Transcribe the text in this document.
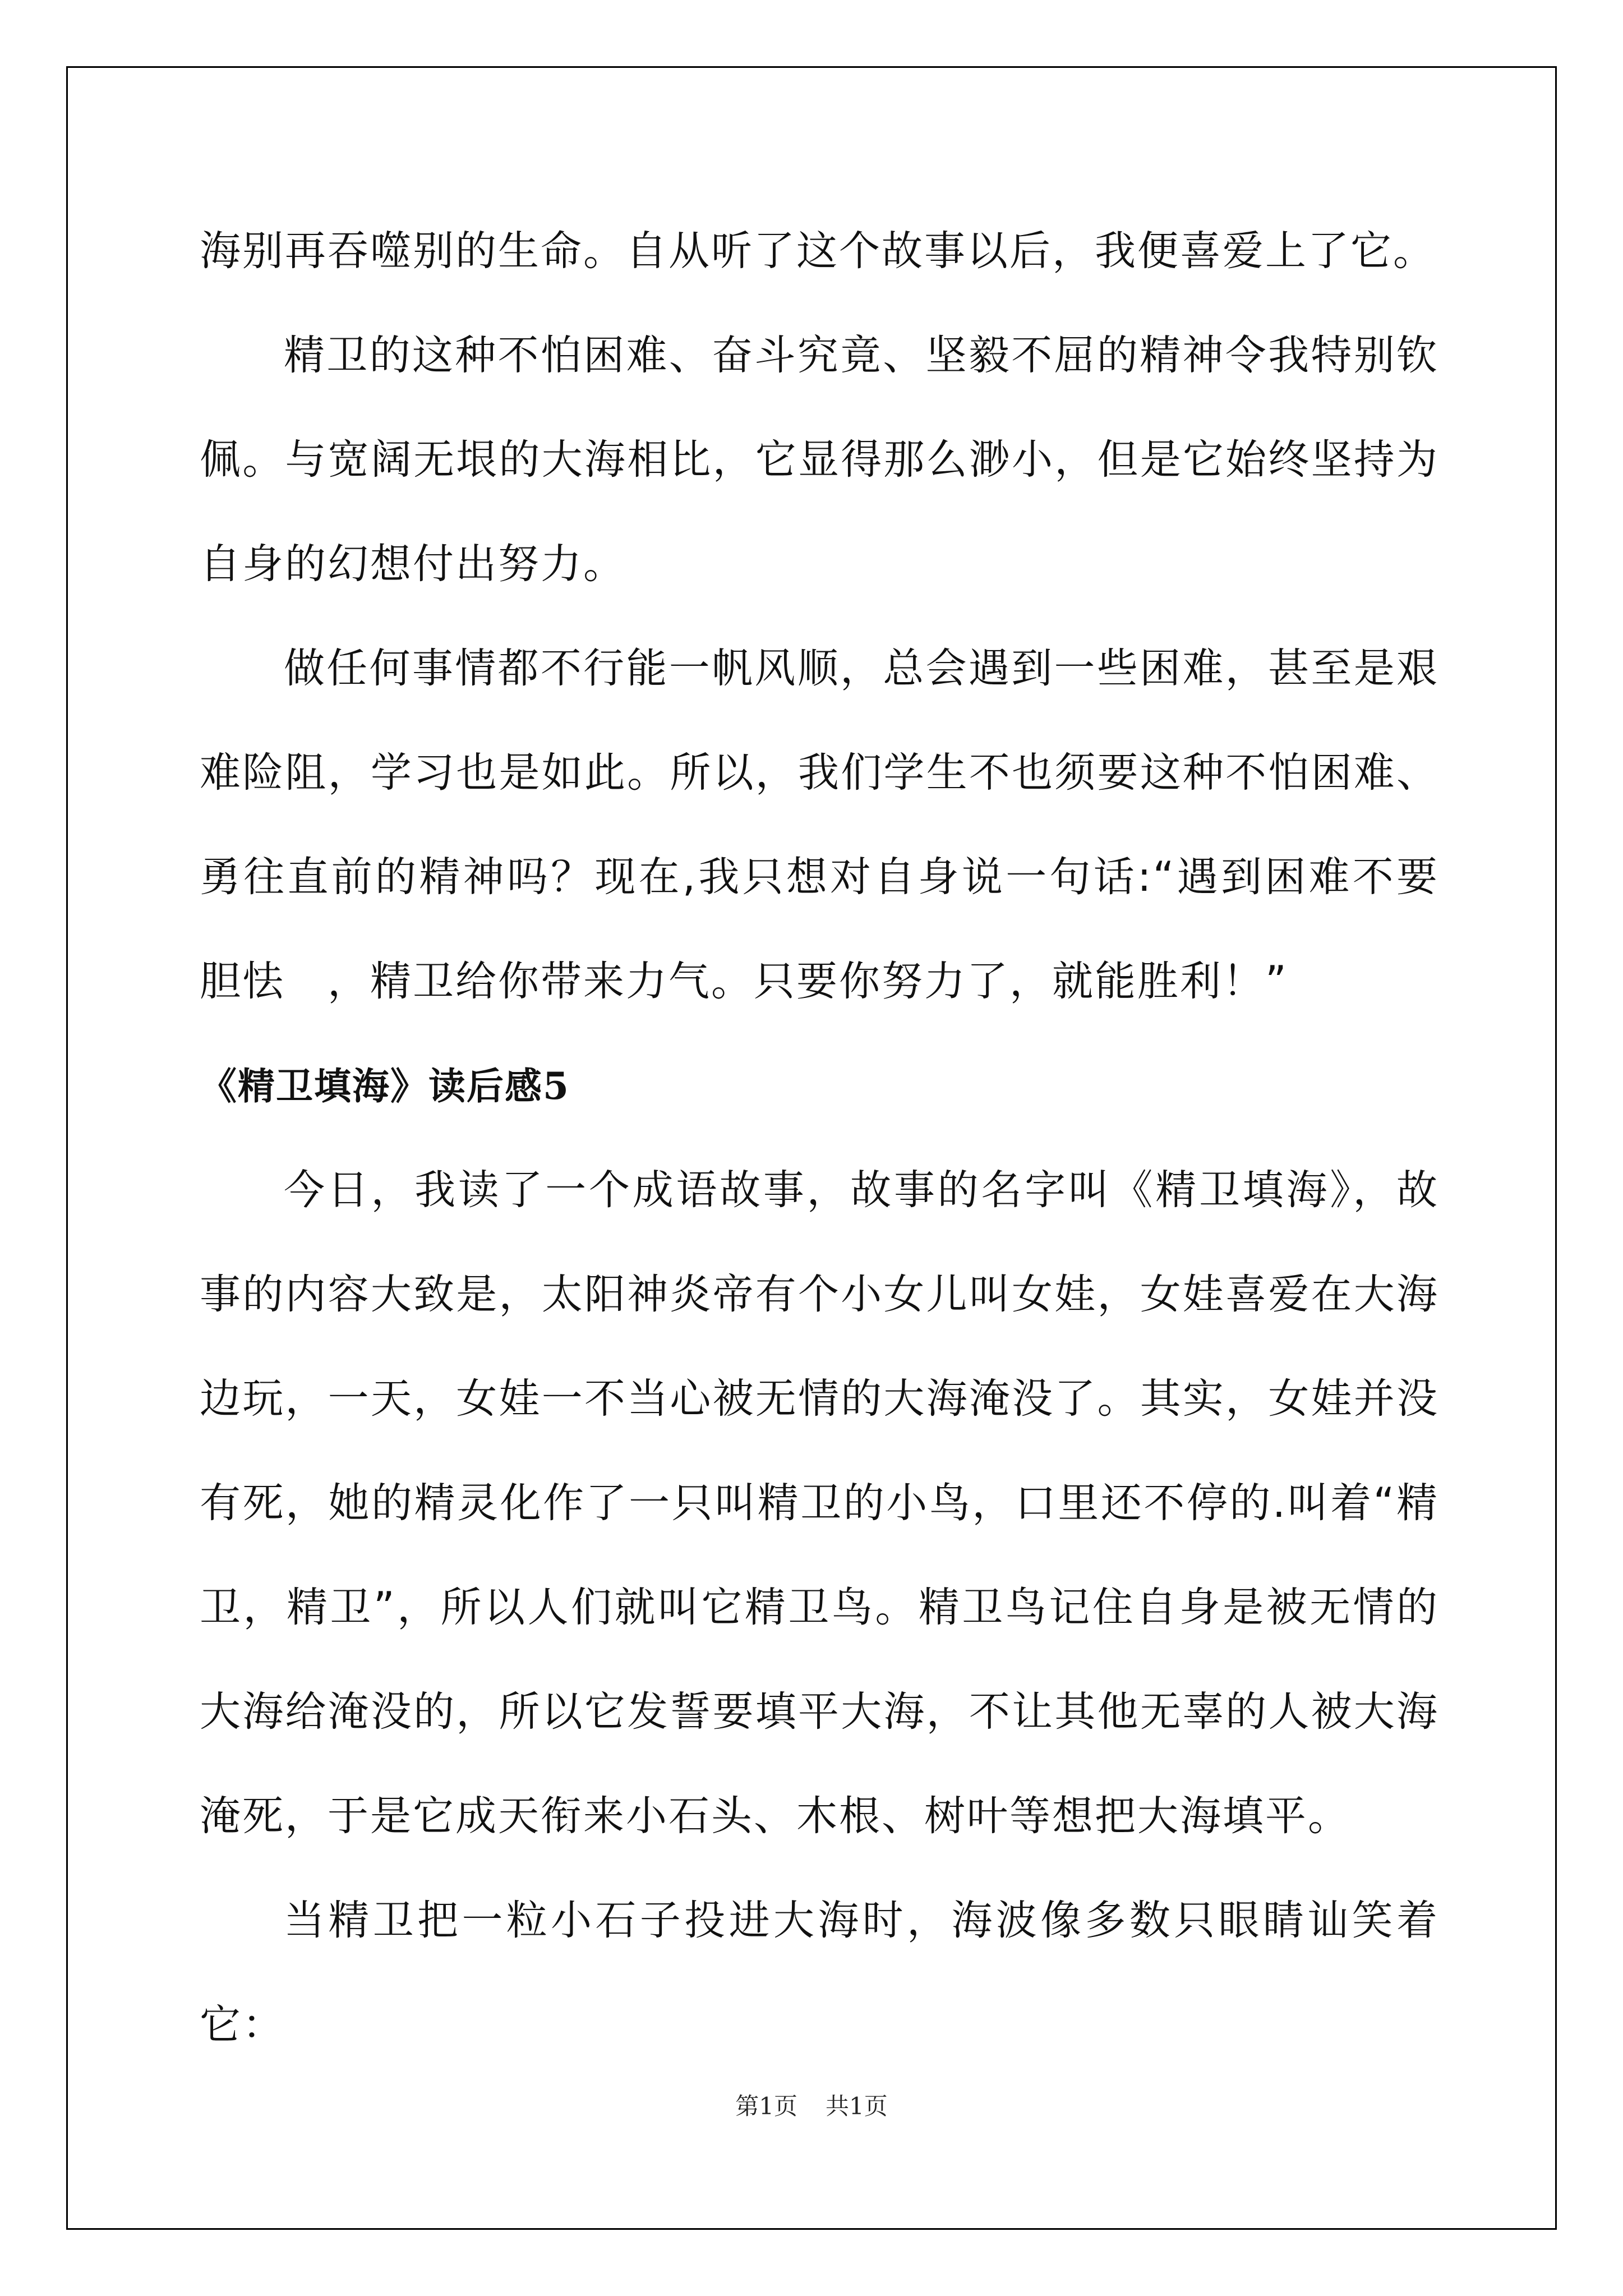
海别再吞噬别的生命。自从听了这个故事以后，我便喜爱上了它。

精卫的这种不怕困难、奋斗究竟、坚毅不屈的精神令我特别钦佩。与宽阔无垠的大海相比，它显得那么渺小，但是它始终坚持为自身的幻想付出努力。

做任何事情都不行能一帆风顺，总会遇到一些困难，甚至是艰难险阻，学习也是如此。所以，我们学生不也须要这种不怕困难、勇往直前的精神吗？现在,我只想对自身说一句话:“遇到困难不要胆怯　，精卫给你带来力气。只要你努力了，就能胜利！”

《精卫填海》读后感5

今日，我读了一个成语故事，故事的名字叫《精卫填海》，故事的内容大致是，太阳神炎帝有个小女儿叫女娃，女娃喜爱在大海边玩，一天，女娃一不当心被无情的大海淹没了。其实，女娃并没有死，她的精灵化作了一只叫精卫的小鸟，口里还不停的.叫着“精卫，精卫”，所以人们就叫它精卫鸟。精卫鸟记住自身是被无情的大海给淹没的，所以它发誓要填平大海，不让其他无辜的人被大海淹死，于是它成天衔来小石头、木根、树叶等想把大海填平。

当精卫把一粒小石子投进大海时，海波像多数只眼睛讪笑着它：

第1页 共1页
